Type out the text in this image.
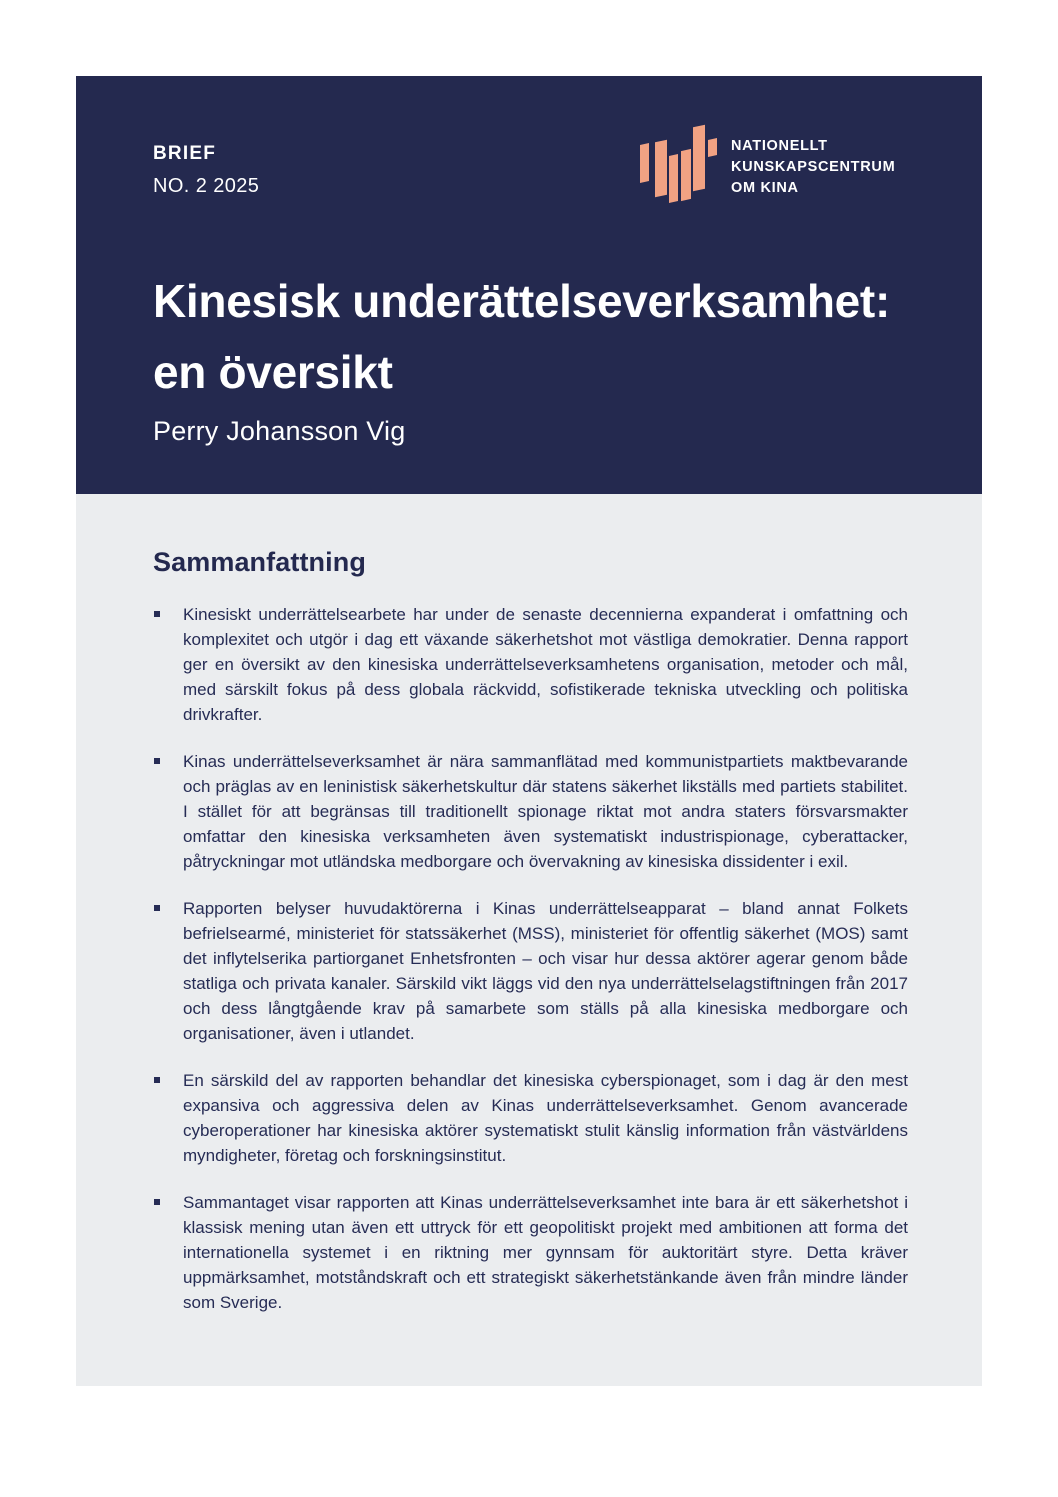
BRIEF
NO. 2 2025
NATIONELLT
KUNSKAPSCENTRUM
OM KINA
Kinesisk underättelseverksamhet:
en översikt
Perry Johansson Vig
Sammanfattning
Kinesiskt underrättelsearbete har under de senaste decennierna expanderat i omfattning och komplexitet och utgör i dag ett växande säkerhetshot mot västliga demokratier. Denna rapport ger en översikt av den kinesiska underrättelseverksamhetens organisation, metoder och mål, med särskilt fokus på dess globala räckvidd, sofistikerade tekniska utveckling och politiska drivkrafter.
Kinas underrättelseverksamhet är nära sammanflätad med kommunistpartiets maktbevarande och präglas av en leninistisk säkerhetskultur där statens säkerhet likställs med partiets stabilitet. I stället för att begränsas till traditionellt spionage riktat mot andra staters försvarsmakter omfattar den kinesiska verksamheten även systematiskt industrispionage, cyberattacker, påtryckningar mot utländska medborgare och övervakning av kinesiska dissidenter i exil.
Rapporten belyser huvudaktörerna i Kinas underrättelseapparat – bland annat Folkets befrielsearmé, ministeriet för statssäkerhet (MSS), ministeriet för offentlig säkerhet (MOS) samt det inflytelserika partiorganet Enhetsfronten – och visar hur dessa aktörer agerar genom både statliga och privata kanaler. Särskild vikt läggs vid den nya underrättelselagstiftningen från 2017 och dess långtgående krav på samarbete som ställs på alla kinesiska medborgare och organisationer, även i utlandet.
En särskild del av rapporten behandlar det kinesiska cyberspionaget, som i dag är den mest expansiva och aggressiva delen av Kinas underrättelseverksamhet. Genom avancerade cyberoperationer har kinesiska aktörer systematiskt stulit känslig information från västvärldens myndigheter, företag och forskningsinstitut.
Sammantaget visar rapporten att Kinas underrättelseverksamhet inte bara är ett säkerhetshot i klassisk mening utan även ett uttryck för ett geopolitiskt projekt med ambitionen att forma det internationella systemet i en riktning mer gynnsam för auktoritärt styre. Detta kräver uppmärksamhet, motståndskraft och ett strategiskt säkerhetstänkande även från mindre länder som Sverige.
